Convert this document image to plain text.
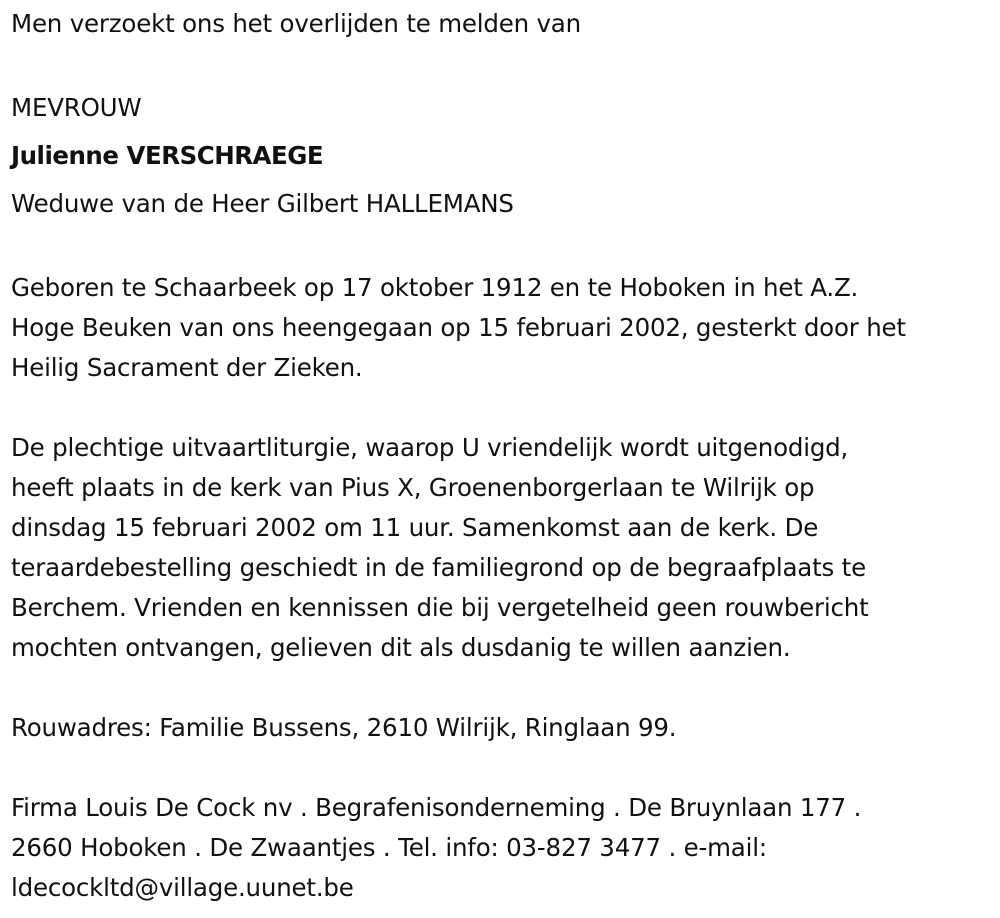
Men verzoekt ons het overlijden te melden van

MEVROUW

Julienne VERSCHRAEGE

Weduwe van de Heer Gilbert HALLEMANS

Geboren te Schaarbeek op 17 oktober 1912 en te Hoboken in het A.Z.
Hoge Beuken van ons heengegaan op 15 februari 2002, gesterkt door het
Heilig Sacrament der Zieken.

De plechtige uitvaartliturgie, waarop U vriendelijk wordt uitgenodigd,
heeft plaats in de kerk van Pius X, Groenenborgerlaan te Wilrijk op
dinsdag 15 februari 2002 om 11 uur. Samenkomst aan de kerk. De
teraardebestelling geschiedt in de familiegrond op de begraafplaats te
Berchem. Vrienden en kennissen die bij vergetelheid geen rouwbericht
mochten ontvangen, gelieven dit als dusdanig te willen aanzien.

Rouwadres: Familie Bussens, 2610 Wilrijk, Ringlaan 99.

Firma Louis De Cock nv . Begrafenisonderneming . De Bruynlaan 177 .
2660 Hoboken . De Zwaantjes . Tel. info: 03-827 3477 . e-mail:
ldecockltd@village.uunet.be
